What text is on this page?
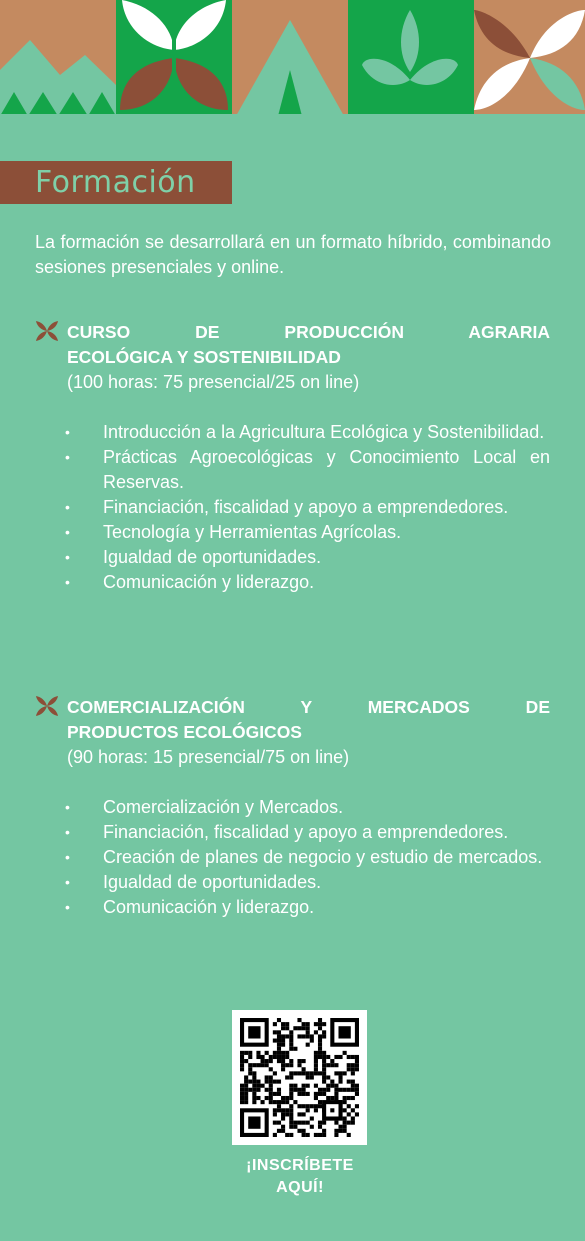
Formación

La formación se desarrollará en un formato híbrido, combinando sesiones presenciales y online.

CURSO DE PRODUCCIÓN AGRARIA
ECOLÓGICA Y SOSTENIBILIDAD
(100 horas: 75 presencial/25 on line)
• Introducción a la Agricultura Ecológica y Sostenibilidad.
• Prácticas Agroecológicas y Conocimiento Local en Reservas.
• Financiación, fiscalidad y apoyo a emprendedores.
• Tecnología y Herramientas Agrícolas.
• Igualdad de oportunidades.
• Comunicación y liderazgo.
COMERCIALIZACIÓN Y MERCADOS DE
PRODUCTOS ECOLÓGICOS
(90 horas: 15 presencial/75 on line)
• Comercialización y Mercados.
• Financiación, fiscalidad y apoyo a emprendedores.
• Creación de planes de negocio y estudio de mercados.
• Igualdad de oportunidades.
• Comunicación y liderazgo.
¡INSCRÍBETE
AQUÍ!
